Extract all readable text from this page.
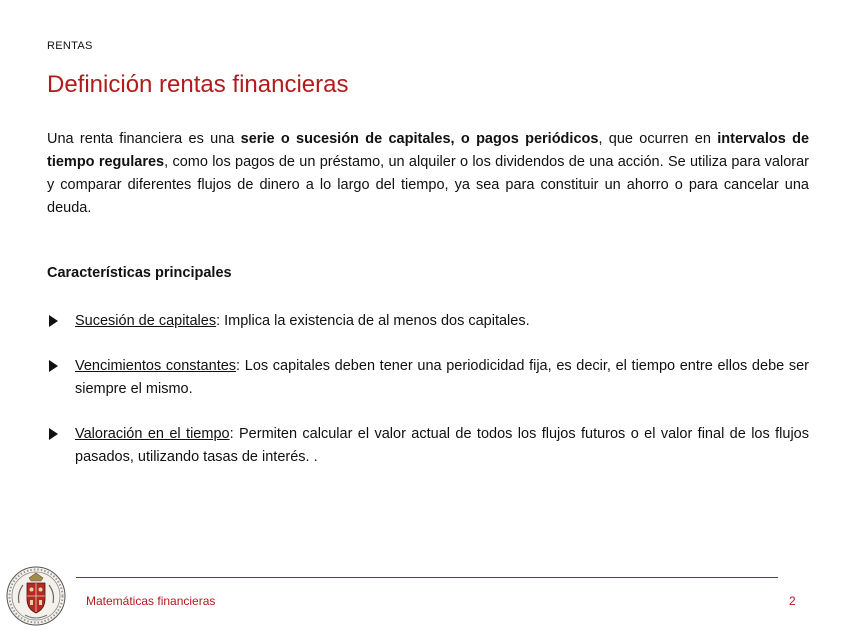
RENTAS
Definición rentas financieras

Una renta financiera es una serie o sucesión de capitales, o pagos periódicos, que ocurren en intervalos de tiempo regulares, como los pagos de un préstamo, un alquiler o los dividendos de una acción. Se utiliza para valorar y comparar diferentes flujos de dinero a lo largo del tiempo, ya sea para constituir un ahorro o para cancelar una deuda.

Características principales
Sucesión de capitales: Implica la existencia de al menos dos capitales.
Vencimientos constantes: Los capitales deben tener una periodicidad fija, es decir, el tiempo entre ellos debe ser siempre el mismo.
Valoración en el tiempo: Permiten calcular el valor actual de todos los flujos futuros o el valor final de los flujos pasados, utilizando tasas de interés. .
Matemáticas financieras	2
